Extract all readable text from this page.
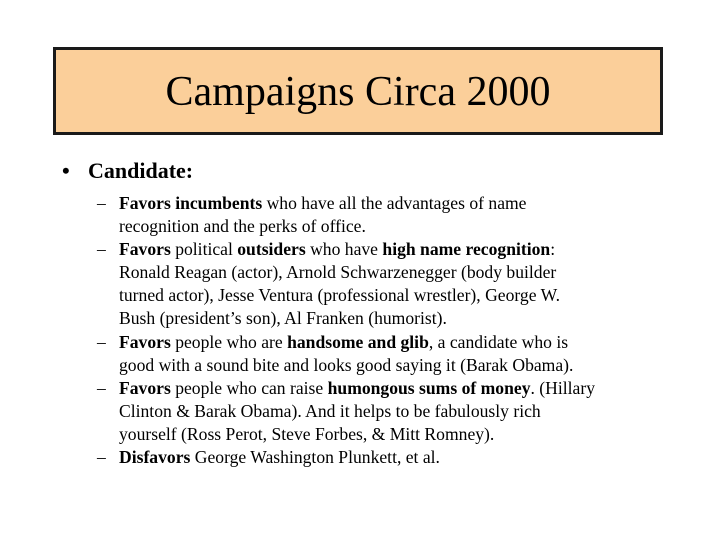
Campaigns Circa 2000
• Candidate:
– Favors incumbents who have all the advantages of name
recognition and the perks of office.
– Favors political outsiders who have high name recognition:
Ronald Reagan (actor), Arnold Schwarzenegger (body builder
turned actor), Jesse Ventura (professional wrestler), George W.
Bush (president’s son), Al Franken (humorist).
– Favors people who are handsome and glib, a candidate who is
good with a sound bite and looks good saying it (Barak Obama).
– Favors people who can raise humongous sums of money. (Hillary
Clinton & Barak Obama). And it helps to be fabulously rich
yourself (Ross Perot, Steve Forbes, & Mitt Romney).
– Disfavors George Washington Plunkett, et al.
